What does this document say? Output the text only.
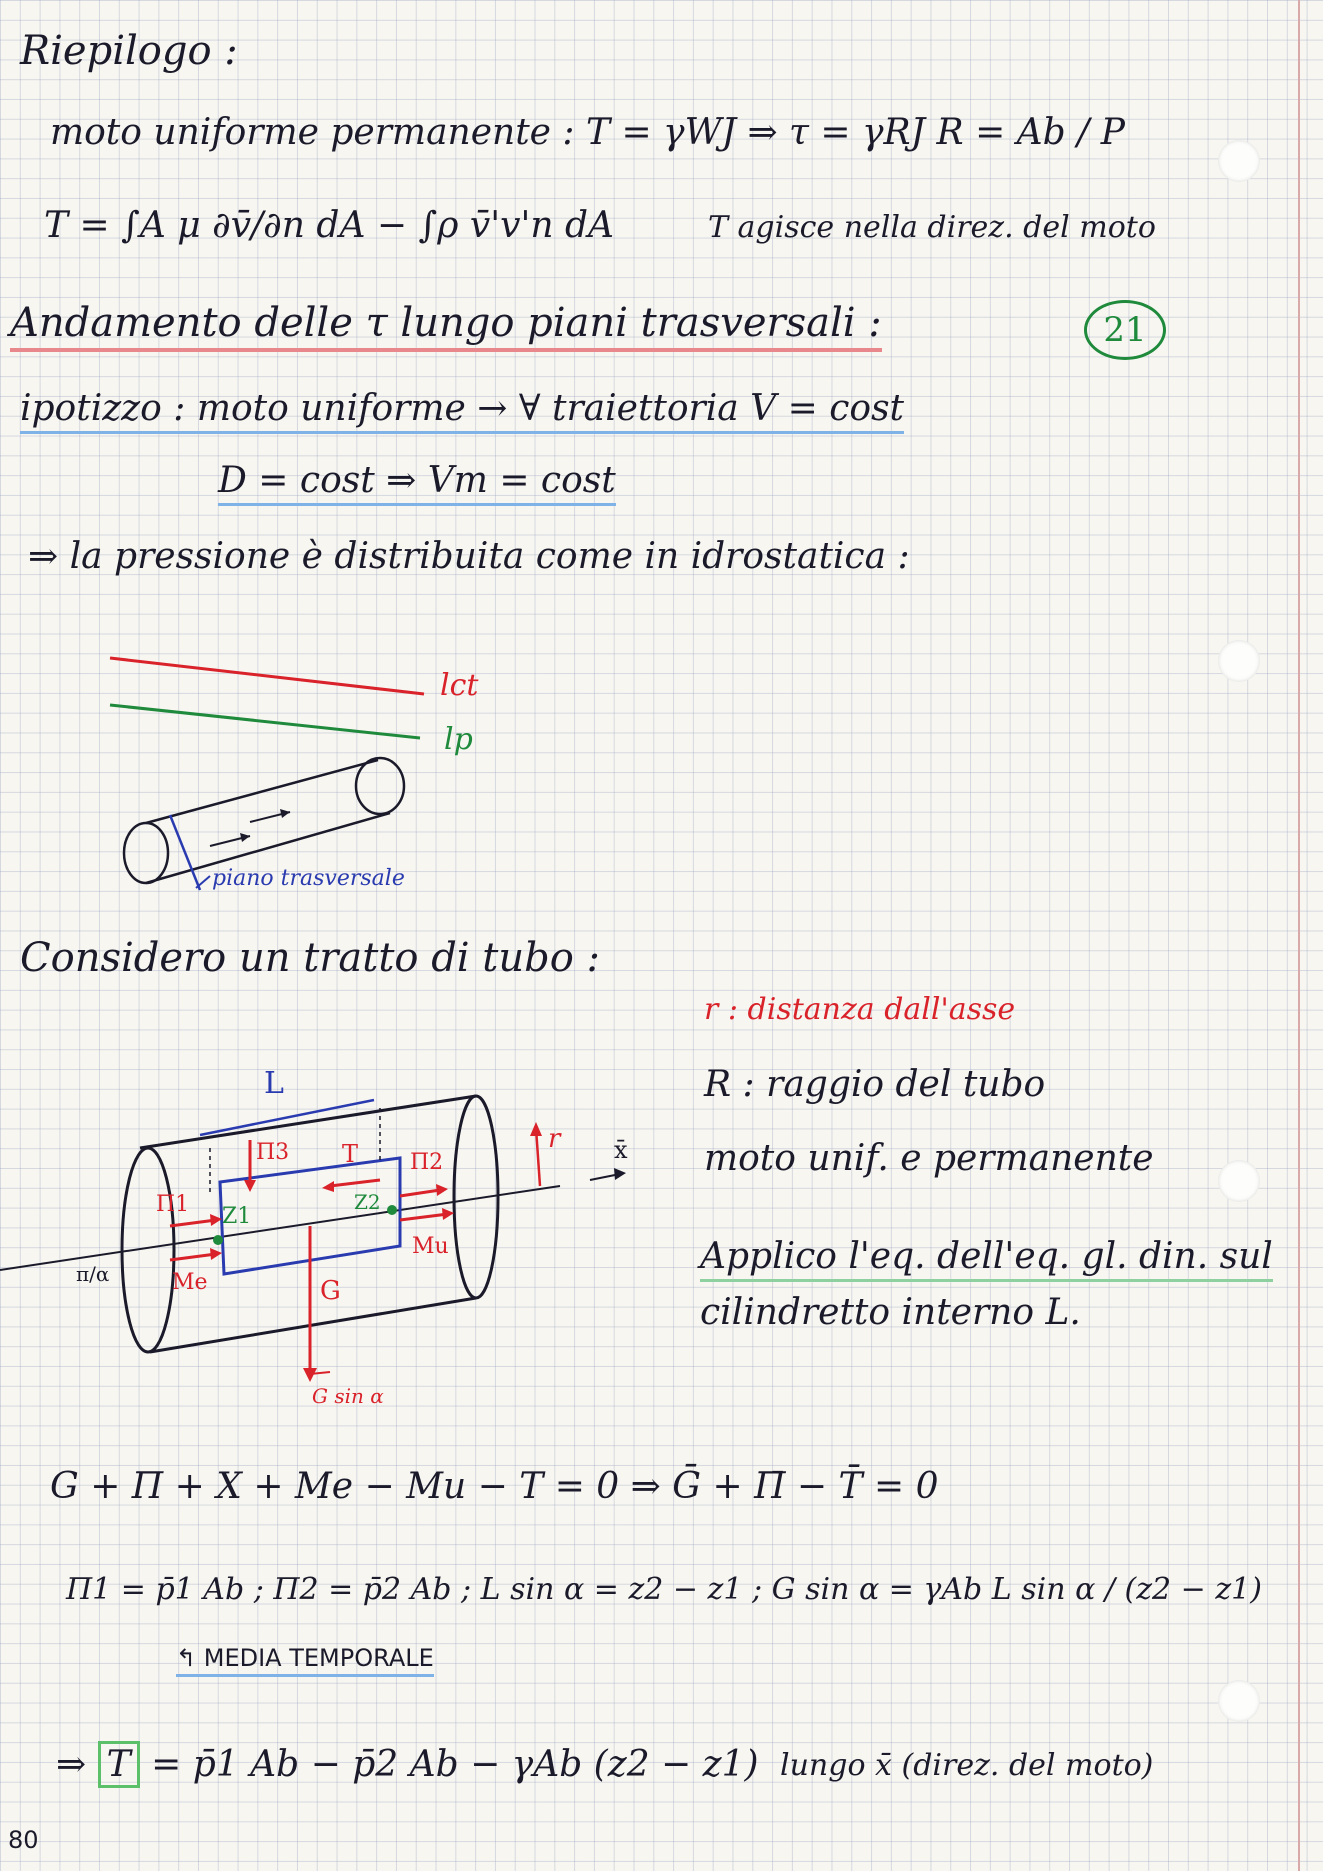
Riepilogo :
moto uniforme permanente : T = γWJ ⇒ τ = γRJ R = Ab / P
T = ∫A μ ∂v̄/∂n dA − ∫ρ v̄'v'n dA	T agisce nella direz. del moto
Andamento delle τ lungo piani trasversali :	21
ipotizzo : moto uniforme → ∀ traiettoria V = cost
D = cost ⇒ Vm = cost
⇒ la pressione è distribuita come in idrostatica :
lct
lp
piano trasversale
Considero un tratto di tubo :
r : distanza dall'asse
R : raggio del tubo
moto unif. e permanente
Applico l'eq. dell'eq. gl. din. sul
cilindretto interno L.
L
Π3 T Π2
Π1 Z1
Z2
Me
Mu
G
G sin α
π/α
r x̄
G + Π + X + Me − Mu − T = 0 ⇒ Ḡ + Π̄ − T̄ = 0
Π1 = p̄1 Ab ; Π2 = p̄2 Ab ; L sin α = z2 − z1 ; G sin α = γAb L sin α / (z2 − z1)
↰ MEDIA TEMPORALE
⇒ T = p̄1 Ab − p̄2 Ab − γAb (z2 − z1) lungo x̄ (direz. del moto)
80
